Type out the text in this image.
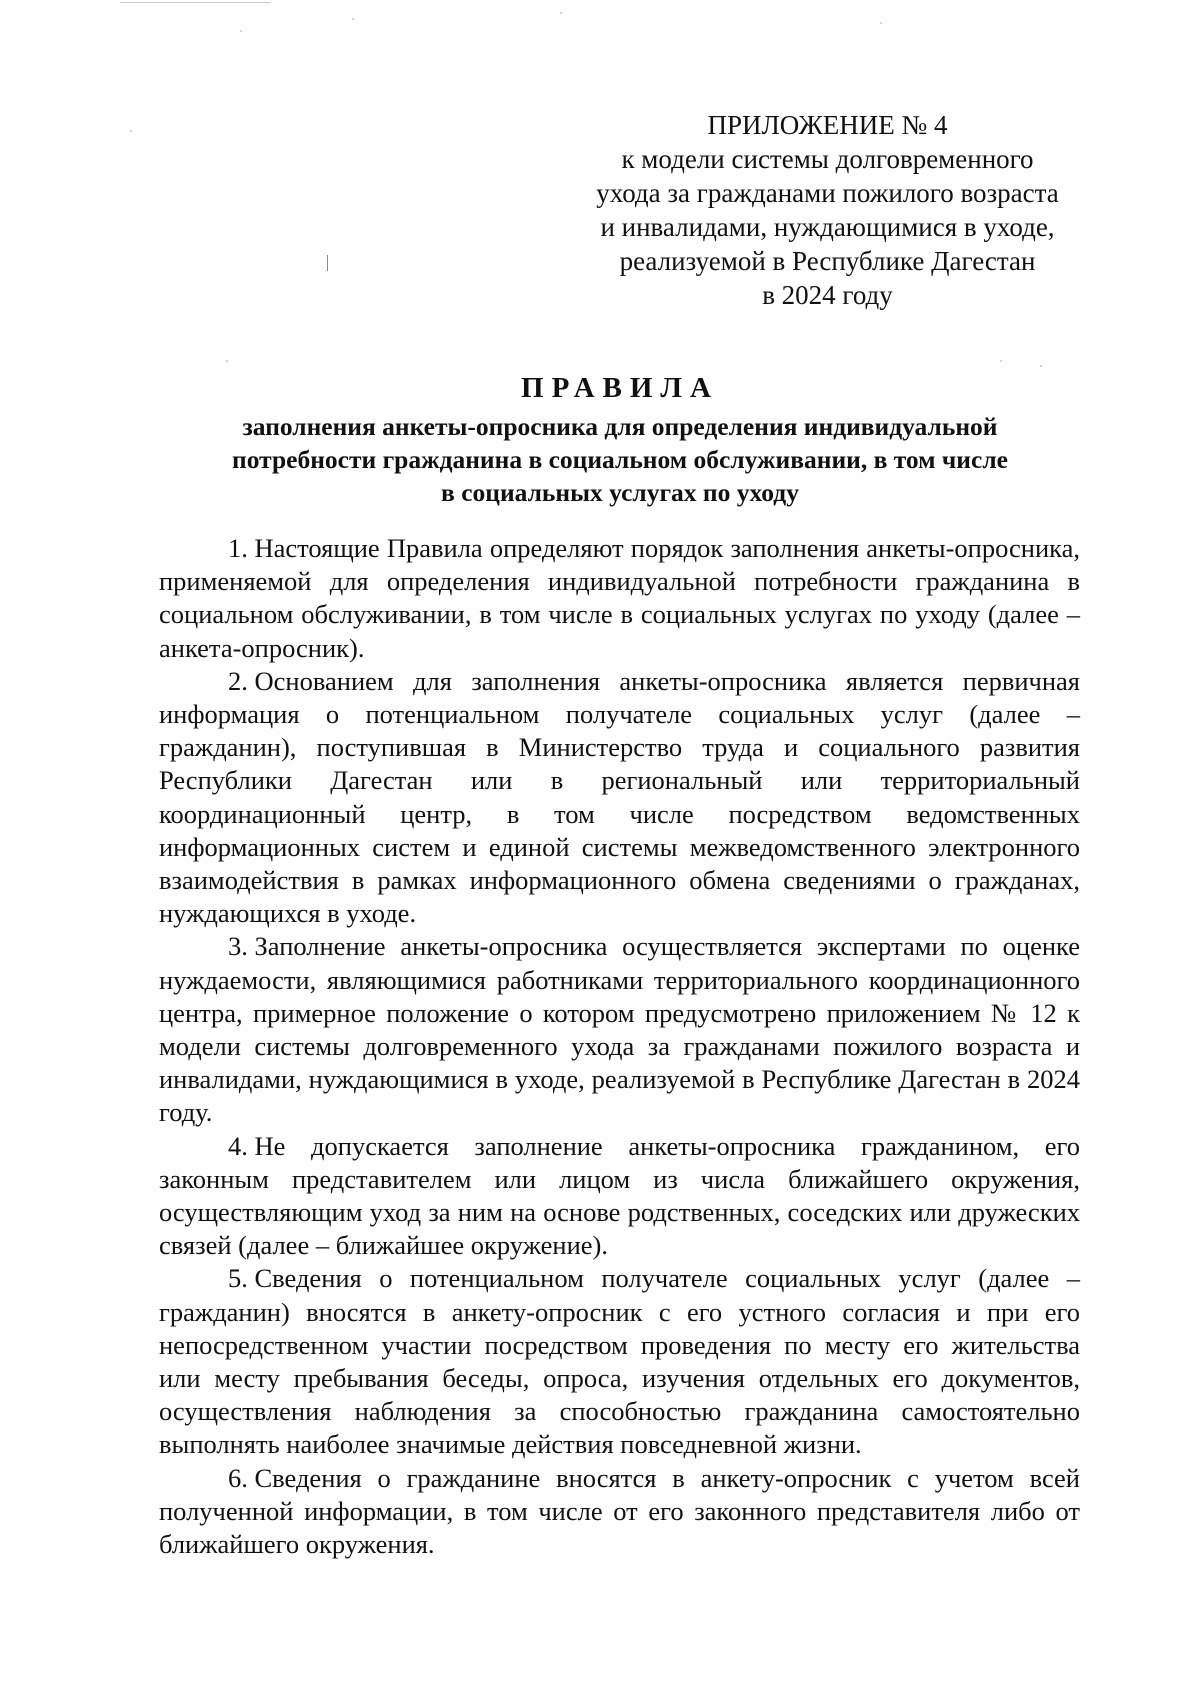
ПРИЛОЖЕНИЕ № 4
к модели системы долговременного
ухода за гражданами пожилого возраста
и инвалидами, нуждающимися в уходе,
реализуемой в Республике Дагестан
в 2024 году
ПРАВИЛА
заполнения анкеты-опросника для определения индивидуальной
потребности гражданина в социальном обслуживании, в том числе
в социальных услугах по уходу

1. Настоящие Правила определяют порядок заполнения анкеты-опросника, применяемой для определения индивидуальной потребности гражданина в социальном обслуживании, в том числе в социальных услугах по уходу (далее – анкета-опросник).

2. Основанием для заполнения анкеты-опросника является первичная информация о потенциальном получателе социальных услуг (далее – гражданин), поступившая в Министерство труда и социального развития Республики Дагестан или в региональный или территориальный координационный центр, в том числе посредством ведомственных информационных систем и единой системы межведомственного электронного взаимодействия в рамках информационного обмена сведениями о гражданах, нуждающихся в уходе.

3. Заполнение анкеты-опросника осуществляется экспертами по оценке нуждаемости, являющимися работниками территориального координационного центра, примерное положение о котором предусмотрено приложением № 12 к модели системы долговременного ухода за гражданами пожилого возраста и инвалидами, нуждающимися в уходе, реализуемой в Республике Дагестан в 2024 году.

4. Не допускается заполнение анкеты-опросника гражданином, его законным представителем или лицом из числа ближайшего окружения, осуществляющим уход за ним на основе родственных, соседских или дружеских связей (далее – ближайшее окружение).

5. Сведения о потенциальном получателе социальных услуг (далее – гражданин) вносятся в анкету-опросник с его устного согласия и при его непосредственном участии посредством проведения по месту его жительства или месту пребывания беседы, опроса, изучения отдельных его документов, осуществления наблюдения за способностью гражданина самостоятельно выполнять наиболее значимые действия повседневной жизни.

6. Сведения о гражданине вносятся в анкету-опросник с учетом всей полученной информации, в том числе от его законного представителя либо от ближайшего окружения.
